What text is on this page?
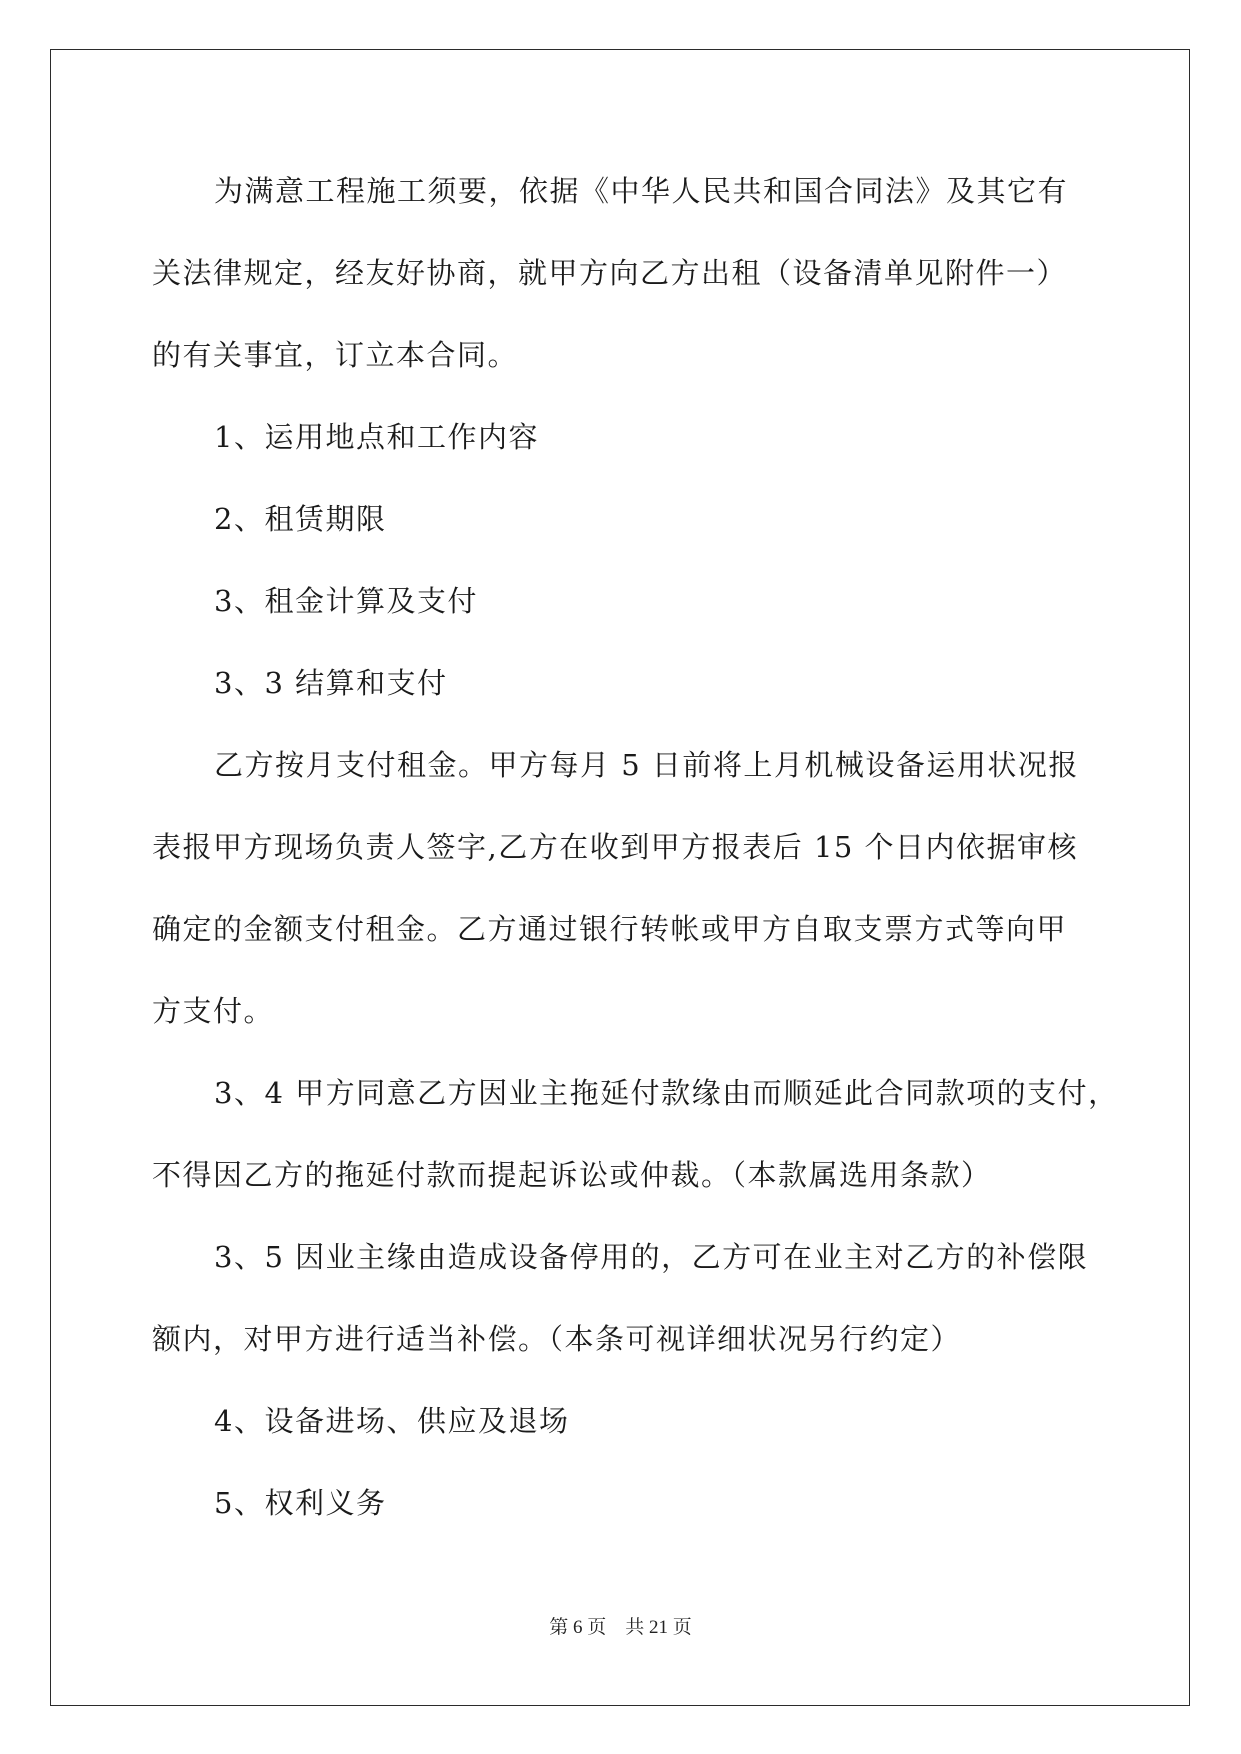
为满意工程施工须要，依据《中华人民共和国合同法》及其它有
关法律规定，经友好协商，就甲方向乙方出租（设备清单见附件一）
的有关事宜，订立本合同。
1、运用地点和工作内容
2、租赁期限
3、租金计算及支付
3、3 结算和支付
乙方按月支付租金。甲方每月 5 日前将上月机械设备运用状况报
表报甲方现场负责人签字,乙方在收到甲方报表后 15 个日内依据审核
确定的金额支付租金。乙方通过银行转帐或甲方自取支票方式等向甲
方支付。
3、4 甲方同意乙方因业主拖延付款缘由而顺延此合同款项的支付，
不得因乙方的拖延付款而提起诉讼或仲裁。（本款属选用条款）
3、5 因业主缘由造成设备停用的，乙方可在业主对乙方的补偿限
额内，对甲方进行适当补偿。（本条可视详细状况另行约定）
4、设备进场、供应及退场
5、权利义务
第 6 页    共 21 页
